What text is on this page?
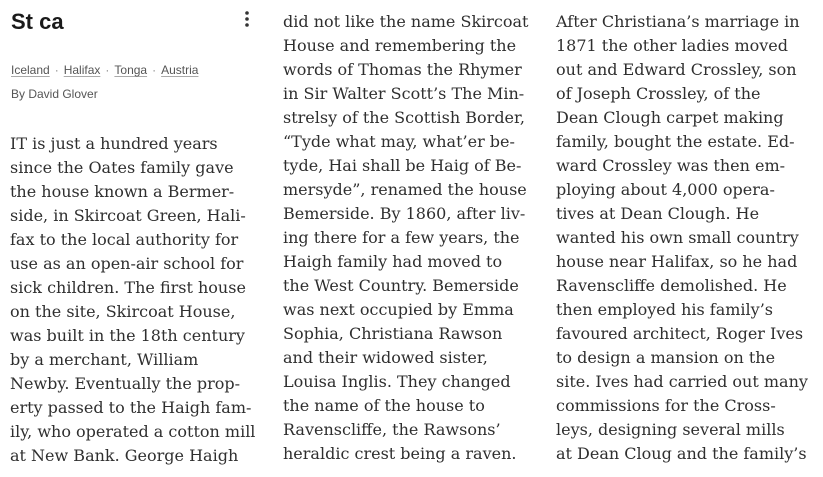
St ca
Iceland · Halifax · Tonga · Austria
By David Glover
IT is just a hundred years
since the Oates family gave
the house known a Bermer-
side, in Skircoat Green, Hali-
fax to the local authority for
use as an open-air school for
sick children. The first house
on the site, Skircoat House,
was built in the 18th century
by a merchant, William
Newby. Eventually the prop-
erty passed to the Haigh fam-
ily, who operated a cotton mill
at New Bank. George Haigh
did not like the name Skircoat
House and remembering the
words of Thomas the Rhymer
in Sir Walter Scott’s The Min-
strelsy of the Scottish Border,
“Tyde what may, what’er be-
tyde, Hai shall be Haig of Be-
mersyde”, renamed the house
Bemerside. By 1860, after liv-
ing there for a few years, the
Haigh family had moved to
the West Country. Bemerside
was next occupied by Emma
Sophia, Christiana Rawson
and their widowed sister,
Louisa Inglis. They changed
the name of the house to
Ravenscliffe, the Rawsons’
heraldic crest being a raven.
After Christiana’s marriage in
1871 the other ladies moved
out and Edward Crossley, son
of Joseph Crossley, of the
Dean Clough carpet making
family, bought the estate. Ed-
ward Crossley was then em-
ploying about 4,000 opera-
tives at Dean Clough. He
wanted his own small country
house near Halifax, so he had
Ravenscliffe demolished. He
then employed his family’s
favoured architect, Roger Ives
to design a mansion on the
site. Ives had carried out many
commissions for the Cross-
leys, designing several mills
at Dean Cloug and the family’s
